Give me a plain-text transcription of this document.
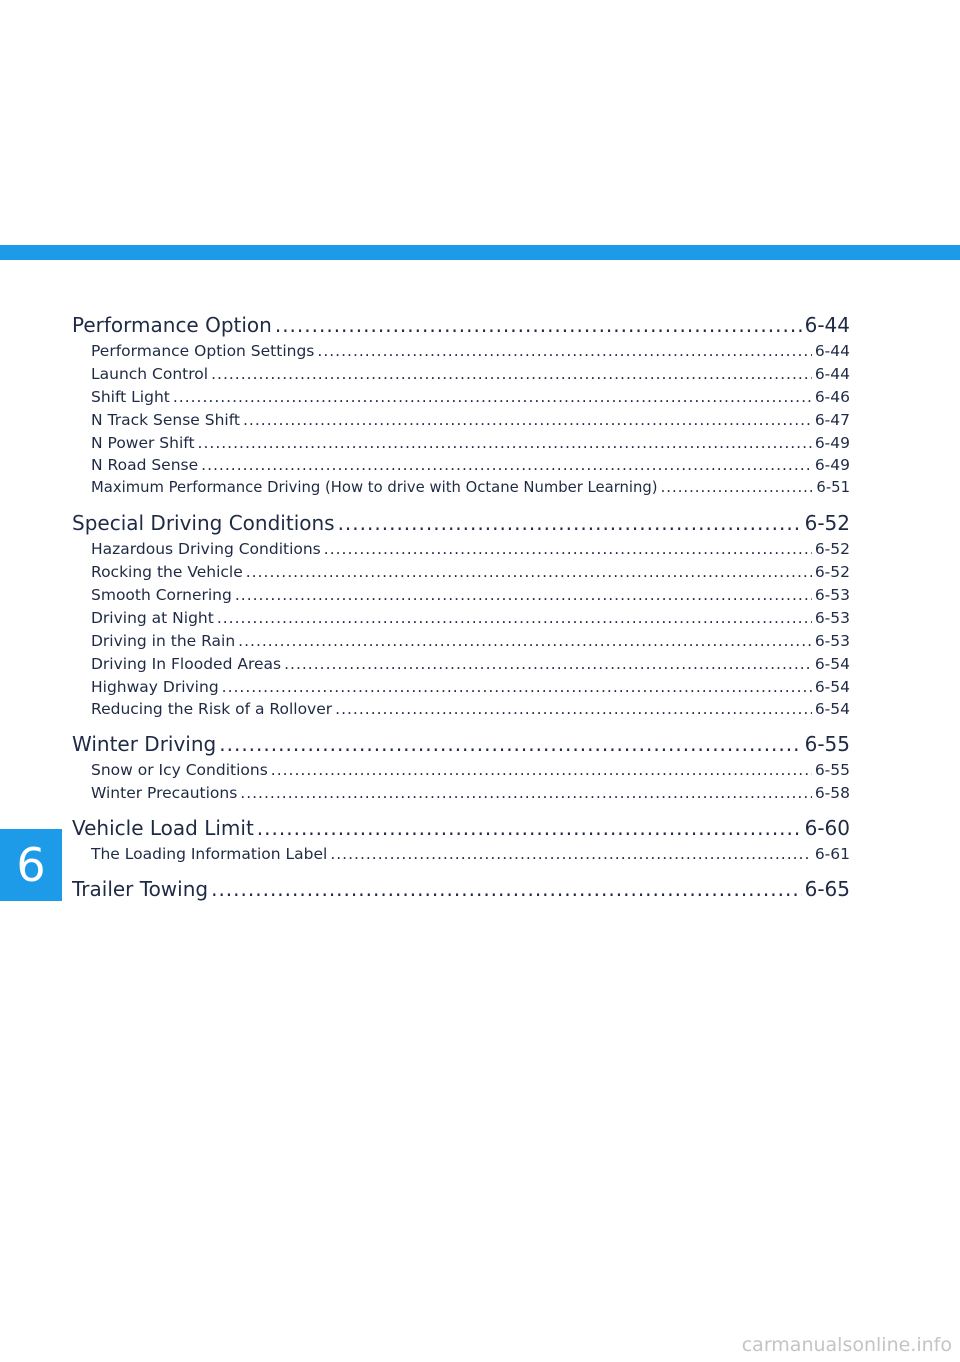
6
Performance Option .....	6-44
Performance Option Settings .....	6-44
Launch Control .....	6-44
Shift Light .....	6-46
N Track Sense Shift .....	6-47
N Power Shift .....	6-49
N Road Sense .....	6-49
Maximum Performance Driving (How to drive with Octane Number Learning) .....	6-51
Special Driving Conditions .....	6-52
Hazardous Driving Conditions .....	6-52
Rocking the Vehicle .....	6-52
Smooth Cornering .....	6-53
Driving at Night .....	6-53
Driving in the Rain .....	6-53
Driving In Flooded Areas .....	6-54
Highway Driving .....	6-54
Reducing the Risk of a Rollover .....	6-54
Winter Driving .....	6-55
Snow or Icy Conditions .....	6-55
Winter Precautions .....	6-58
Vehicle Load Limit .....	6-60
The Loading Information Label .....	6-61
Trailer Towing .....	6-65
carmanualsonline.info
